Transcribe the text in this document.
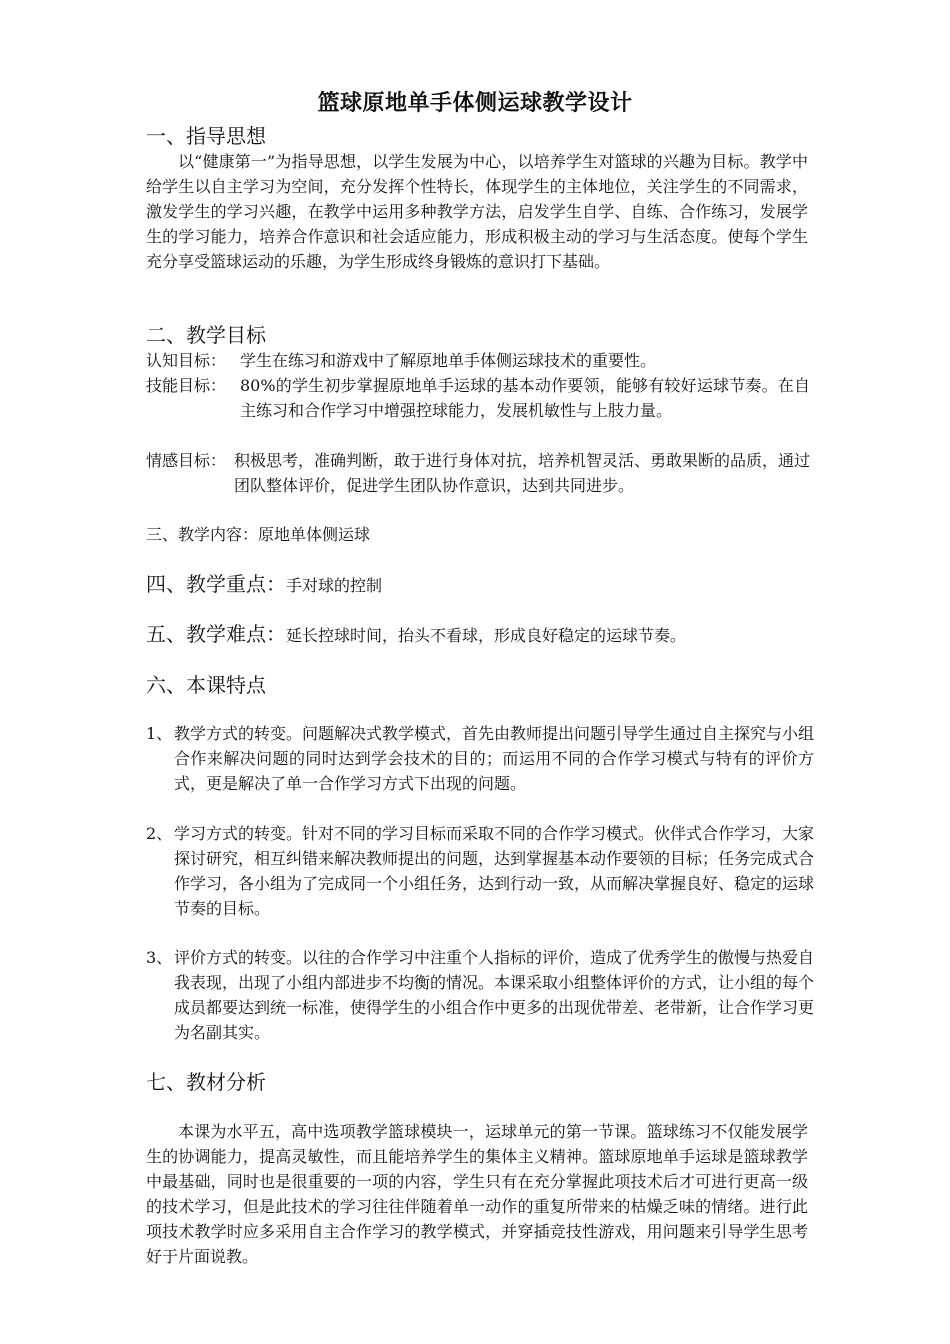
篮球原地单手体侧运球教学设计
一、指导思想
以“健康第一”为指导思想，以学生发展为中心，以培养学生对篮球的兴趣为目标。教学中给学生以自主学习为空间，充分发挥个性特长，体现学生的主体地位，关注学生的不同需求，激发学生的学习兴趣，在教学中运用多种教学方法，启发学生自学、自练、合作练习，发展学生的学习能力，培养合作意识和社会适应能力，形成积极主动的学习与生活态度。使每个学生充分享受篮球运动的乐趣，为学生形成终身锻炼的意识打下基础。
二、教学目标
认知目标： 学生在练习和游戏中了解原地单手体侧运球技术的重要性。
技能目标： 80%的学生初步掌握原地单手运球的基本动作要领，能够有较好运球节奏。在自主练习和合作学习中增强控球能力，发展机敏性与上肢力量。
情感目标： 积极思考，准确判断，敢于进行身体对抗，培养机智灵活、勇敢果断的品质，通过团队整体评价，促进学生团队协作意识，达到共同进步。
三、教学内容：原地单体侧运球
四、教学重点：手对球的控制
五、教学难点：延长控球时间，抬头不看球，形成良好稳定的运球节奏。
六、本课特点
1、 教学方式的转变。问题解决式教学模式，首先由教师提出问题引导学生通过自主探究与小组合作来解决问题的同时达到学会技术的目的；而运用不同的合作学习模式与特有的评价方式，更是解决了单一合作学习方式下出现的问题。
2、 学习方式的转变。针对不同的学习目标而采取不同的合作学习模式。伙伴式合作学习，大家探讨研究，相互纠错来解决教师提出的问题，达到掌握基本动作要领的目标；任务完成式合作学习，各小组为了完成同一个小组任务，达到行动一致，从而解决掌握良好、稳定的运球节奏的目标。
3、 评价方式的转变。以往的合作学习中注重个人指标的评价，造成了优秀学生的傲慢与热爱自我表现，出现了小组内部进步不均衡的情况。本课采取小组整体评价的方式，让小组的每个成员都要达到统一标准，使得学生的小组合作中更多的出现优带差、老带新，让合作学习更为名副其实。
七、教材分析
本课为水平五，高中选项教学篮球模块一，运球单元的第一节课。篮球练习不仅能发展学生的协调能力，提高灵敏性，而且能培养学生的集体主义精神。篮球原地单手运球是篮球教学中最基础，同时也是很重要的一项的内容，学生只有在充分掌握此项技术后才可进行更高一级的技术学习，但是此技术的学习往往伴随着单一动作的重复所带来的枯燥乏味的情绪。进行此项技术教学时应多采用自主合作学习的教学模式，并穿插竞技性游戏，用问题来引导学生思考好于片面说教。
